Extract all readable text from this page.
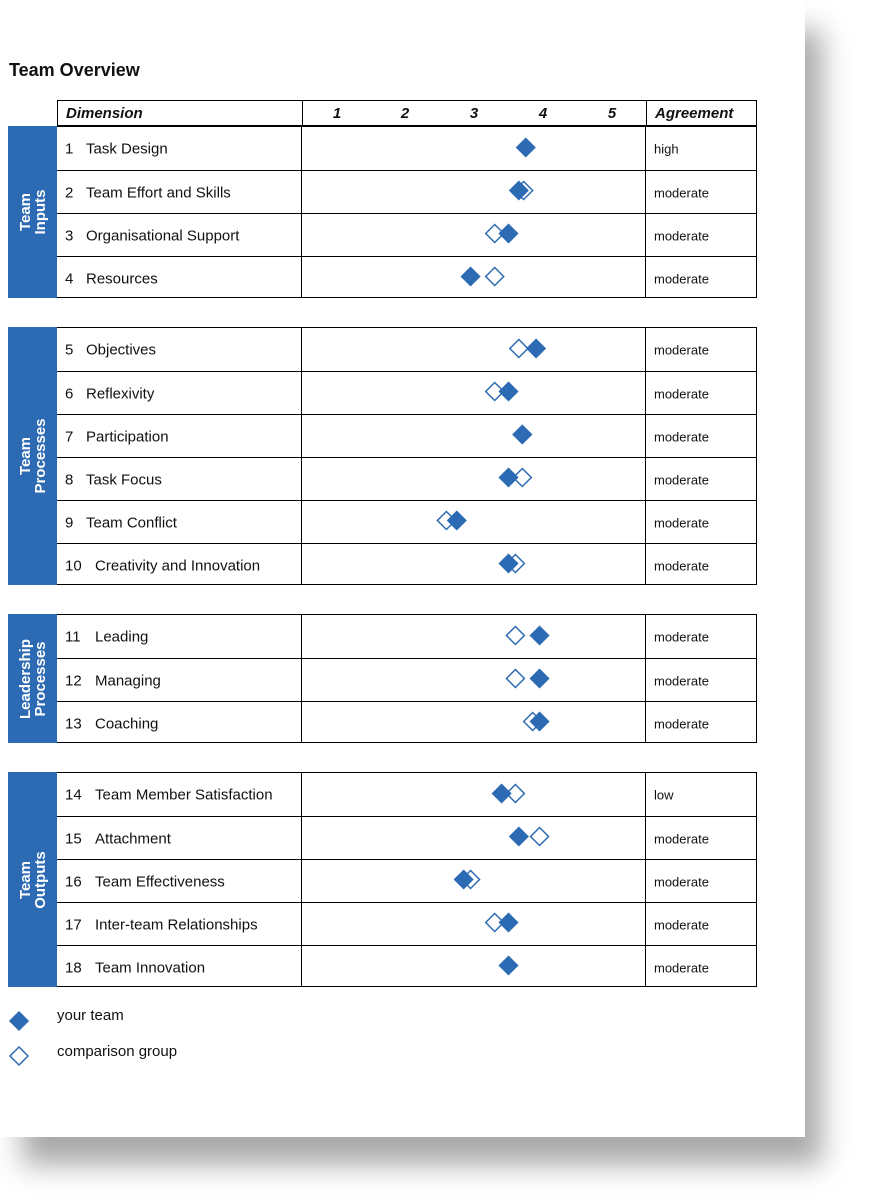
Team Overview
Dimension	1	2	3	4	5	Agreement
Team
Inputs
1 Task Design	high
2 Team Effort and Skills	moderate
3 Organisational Support	moderate
4 Resources	moderate
Team
Processes
5 Objectives	moderate
6 Reflexivity	moderate
7 Participation	moderate
8 Task Focus	moderate
9 Team Conflict	moderate
10 Creativity and Innovation	moderate
Leadership
Processes
11 Leading	moderate
12 Managing	moderate
13 Coaching	moderate
Team
Outputs
14 Team Member Satisfaction	low
15 Attachment	moderate
16 Team Effectiveness	moderate
17 Inter-team Relationships	moderate
18 Team Innovation	moderate
your team
comparison group
